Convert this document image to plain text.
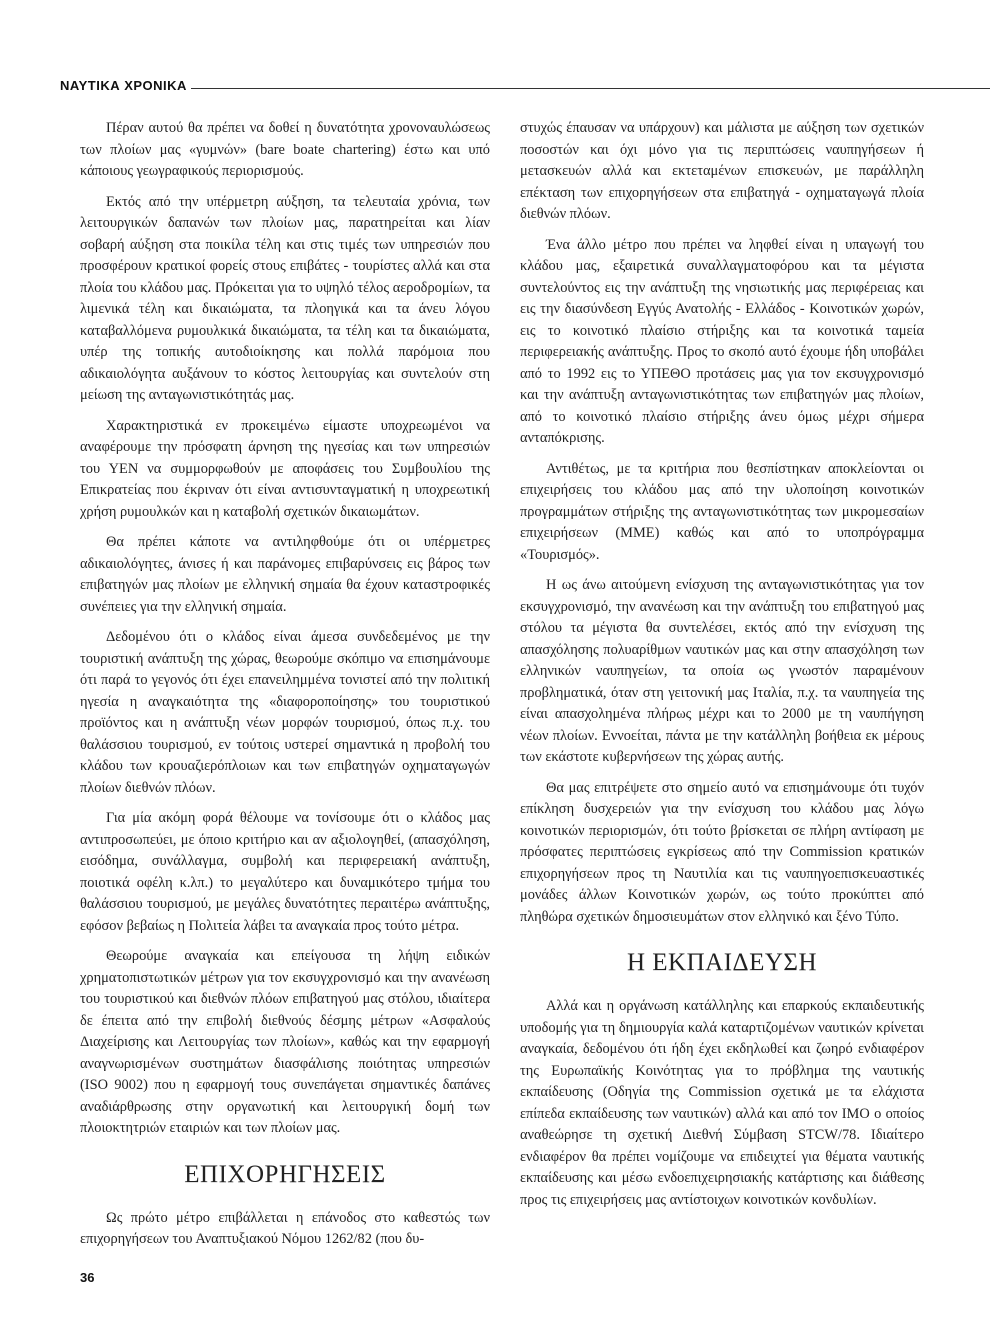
ΝΑΥΤΙΚΑ ΧΡΟΝΙΚΑ

Πέραν αυτού θα πρέπει να δοθεί η δυνατότητα χρονοναυλώσεως των πλοίων μας «γυμνών» (bare boate chartering) έστω και υπό κάποιους γεωγραφικούς περιορισμούς.

Εκτός από την υπέρμετρη αύξηση, τα τελευταία χρόνια, των λειτουργικών δαπανών των πλοίων μας, παρατηρείται και λίαν σοβαρή αύξηση στα ποικίλα τέλη και στις τιμές των υπηρεσιών που προσφέρουν κρατικοί φορείς στους επιβάτες - τουρίστες αλλά και στα πλοία του κλάδου μας. Πρόκειται για το υψηλό τέλος αεροδρομίων, τα λιμενικά τέλη και δικαιώματα, τα πλοηγικά και τα άνευ λόγου καταβαλλόμενα ρυμουλκικά δικαιώματα, τα τέλη και τα δικαιώματα, υπέρ της τοπικής αυτοδιοίκησης και πολλά παρόμοια που αδικαιολόγητα αυξάνουν το κόστος λειτουργίας και συντελούν στη μείωση της ανταγωνιστικότητάς μας.

Χαρακτηριστικά εν προκειμένω είμαστε υποχρεωμένοι να αναφέρουμε την πρόσφατη άρνηση της ηγεσίας και των υπηρεσιών του ΥΕΝ να συμμορφωθούν με αποφάσεις του Συμβουλίου της Επικρατείας που έκριναν ότι είναι αντισυνταγματική η υποχρεωτική χρήση ρυμουλκών και η καταβολή σχετικών δικαιωμάτων.

Θα πρέπει κάποτε να αντιληφθούμε ότι οι υπέρμετρες αδικαιολόγητες, άνισες ή και παράνομες επιβαρύνσεις εις βάρος των επιβατηγών μας πλοίων με ελληνική σημαία θα έχουν καταστροφικές συνέπειες για την ελληνική σημαία.

Δεδομένου ότι ο κλάδος είναι άμεσα συνδεδεμένος με την τουριστική ανάπτυξη της χώρας, θεωρούμε σκόπιμο να επισημάνουμε ότι παρά το γεγονός ότι έχει επανειλημμένα τονιστεί από την πολιτική ηγεσία η αναγκαιότητα της «διαφοροποίησης» του τουριστικού προϊόντος και η ανάπτυξη νέων μορφών τουρισμού, όπως π.χ. του θαλάσσιου τουρισμού, εν τούτοις υστερεί σημαντικά η προβολή του κλάδου των κρουαζιερόπλοιων και των επιβατηγών οχηματαγωγών πλοίων διεθνών πλόων.

Για μία ακόμη φορά θέλουμε να τονίσουμε ότι ο κλάδος μας αντιπροσωπεύει, με όποιο κριτήριο και αν αξιολογηθεί, (απασχόληση, εισόδημα, συνάλλαγμα, συμβολή και περιφερειακή ανάπτυξη, ποιοτικά οφέλη κ.λπ.) το μεγαλύτερο και δυναμικότερο τμήμα του θαλάσσιου τουρισμού, με μεγάλες δυνατότητες περαιτέρω ανάπτυξης, εφόσον βεβαίως η Πολιτεία λάβει τα αναγκαία προς τούτο μέτρα.

Θεωρούμε αναγκαία και επείγουσα τη λήψη ειδικών χρηματοπιστωτικών μέτρων για τον εκσυγχρονισμό και την ανανέωση του τουριστικού και διεθνών πλόων επιβατηγού μας στόλου, ιδιαίτερα δε έπειτα από την επιβολή διεθνούς δέσμης μέτρων «Ασφαλούς Διαχείρισης και Λειτουργίας των πλοίων», καθώς και την εφαρμογή αναγνωρισμένων συστημάτων διασφάλισης ποιότητας υπηρεσιών (ISO 9002) που η εφαρμογή τους συνεπάγεται σημαντικές δαπάνες αναδιάρθρωσης στην οργανωτική και λειτουργική δομή των πλοιοκτητριών εταιριών και των πλοίων μας.

ΕΠΙΧΟΡΗΓΗΣΕΙΣ

Ως πρώτο μέτρο επιβάλλεται η επάνοδος στο καθεστώς των επιχορηγήσεων του Αναπτυξιακού Νόμου 1262/82 (που δυ-

στυχώς έπαυσαν να υπάρχουν) και μάλιστα με αύξηση των σχετικών ποσοστών και όχι μόνο για τις περιπτώσεις ναυπηγήσεων ή μετασκευών αλλά και εκτεταμένων επισκευών, με παράλληλη επέκταση των επιχορηγήσεων στα επιβατηγά - οχηματαγωγά πλοία διεθνών πλόων.

Ένα άλλο μέτρο που πρέπει να ληφθεί είναι η υπαγωγή του κλάδου μας, εξαιρετικά συναλλαγματοφόρου και τα μέγιστα συντελούντος εις την ανάπτυξη της νησιωτικής μας περιφέρειας και εις την διασύνδεση Εγγύς Ανατολής - Ελλάδος - Κοινοτικών χωρών, εις το κοινοτικό πλαίσιο στήριξης και τα κοινοτικά ταμεία περιφερειακής ανάπτυξης. Προς το σκοπό αυτό έχουμε ήδη υποβάλει από το 1992 εις το ΥΠΕΘΟ προτάσεις μας για τον εκσυγχρονισμό και την ανάπτυξη ανταγωνιστικότητας των επιβατηγών μας πλοίων, από το κοινοτικό πλαίσιο στήριξης άνευ όμως μέχρι σήμερα ανταπόκρισης.

Αντιθέτως, με τα κριτήρια που θεσπίστηκαν αποκλείονται οι επιχειρήσεις του κλάδου μας από την υλοποίηση κοινοτικών προγραμμάτων στήριξης της ανταγωνιστικότητας των μικρομεσαίων επιχειρήσεων (ΜΜΕ) καθώς και από το υποπρόγραμμα «Τουρισμός».

Η ως άνω αιτούμενη ενίσχυση της ανταγωνιστικότητας για τον εκσυγχρονισμό, την ανανέωση και την ανάπτυξη του επιβατηγού μας στόλου τα μέγιστα θα συντελέσει, εκτός από την ενίσχυση της απασχόλησης πολυαρίθμων ναυτικών μας και στην απασχόληση των ελληνικών ναυπηγείων, τα οποία ως γνωστόν παραμένουν προβληματικά, όταν στη γειτονική μας Ιταλία, π.χ. τα ναυπηγεία της είναι απασχολημένα πλήρως μέχρι και το 2000 με τη ναυπήγηση νέων πλοίων. Εννοείται, πάντα με την κατάλληλη βοήθεια εκ μέρους των εκάστοτε κυβερνήσεων της χώρας αυτής.

Θα μας επιτρέψετε στο σημείο αυτό να επισημάνουμε ότι τυχόν επίκληση δυσχερειών για την ενίσχυση του κλάδου μας λόγω κοινοτικών περιορισμών, ότι τούτο βρίσκεται σε πλήρη αντίφαση με πρόσφατες περιπτώσεις εγκρίσεως από την Commission κρατικών επιχορηγήσεων προς τη Ναυτιλία και τις ναυπηγοεπισκευαστικές μονάδες άλλων Κοινοτικών χωρών, ως τούτο προκύπτει από πληθώρα σχετικών δημοσιευμάτων στον ελληνικό και ξένο Τύπο.

Η ΕΚΠΑΙΔΕΥΣΗ

Αλλά και η οργάνωση κατάλληλης και επαρκούς εκπαιδευτικής υποδομής για τη δημιουργία καλά καταρτιζομένων ναυτικών κρίνεται αναγκαία, δεδομένου ότι ήδη έχει εκδηλωθεί και ζωηρό ενδιαφέρον της Ευρωπαϊκής Κοινότητας για το πρόβλημα της ναυτικής εκπαίδευσης (Οδηγία της Commission σχετικά με τα ελάχιστα επίπεδα εκπαίδευσης των ναυτικών) αλλά και από τον ΙΜΟ ο οποίος αναθεώρησε τη σχετική Διεθνή Σύμβαση STCW/78. Ιδιαίτερο ενδιαφέρον θα πρέπει νομίζουμε να επιδειχτεί για θέματα ναυτικής εκπαίδευσης και μέσω ενδοεπιχειρησιακής κατάρτισης και διάθεσης προς τις επιχειρήσεις μας αντίστοιχων κοινοτικών κονδυλίων.

36
